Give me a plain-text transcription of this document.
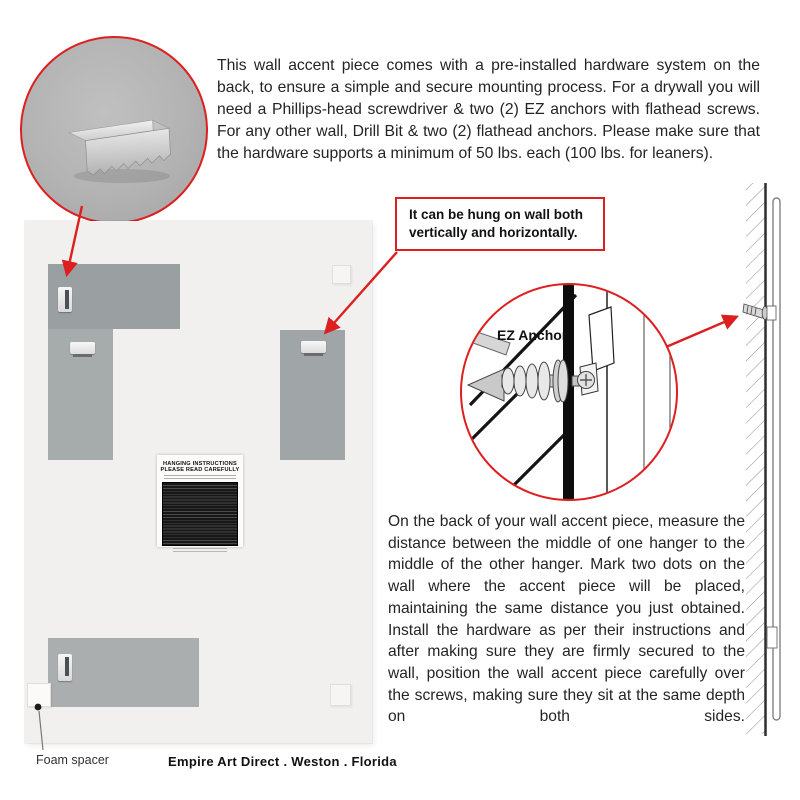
This wall accent piece comes with a pre-installed hardware system on the back, to ensure a simple and secure mounting process. For a drywall you will need a Phillips-head screwdriver & two (2) EZ anchors with flathead screws. For any other wall, Drill Bit & two (2) flathead anchors. Please make sure that the hardware supports a minimum of 50 lbs. each (100 lbs. for leaners).
It can be hung on wall both vertically and horizontally.
HANGING INSTRUCTIONS
PLEASE READ CAREFULLY
EZ Anchor
On the back of your wall accent piece, measure the distance between the middle of one hanger to the middle of the other hanger. Mark two dots on the wall where the accent piece will be placed, maintaining the same distance you just obtained. Install the hardware as per their instructions and after making sure they are firmly secured to the wall, position the wall accent piece carefully over the screws, making sure they sit at the same depth on both sides.
Foam spacer	Empire Art Direct . Weston . Florida
